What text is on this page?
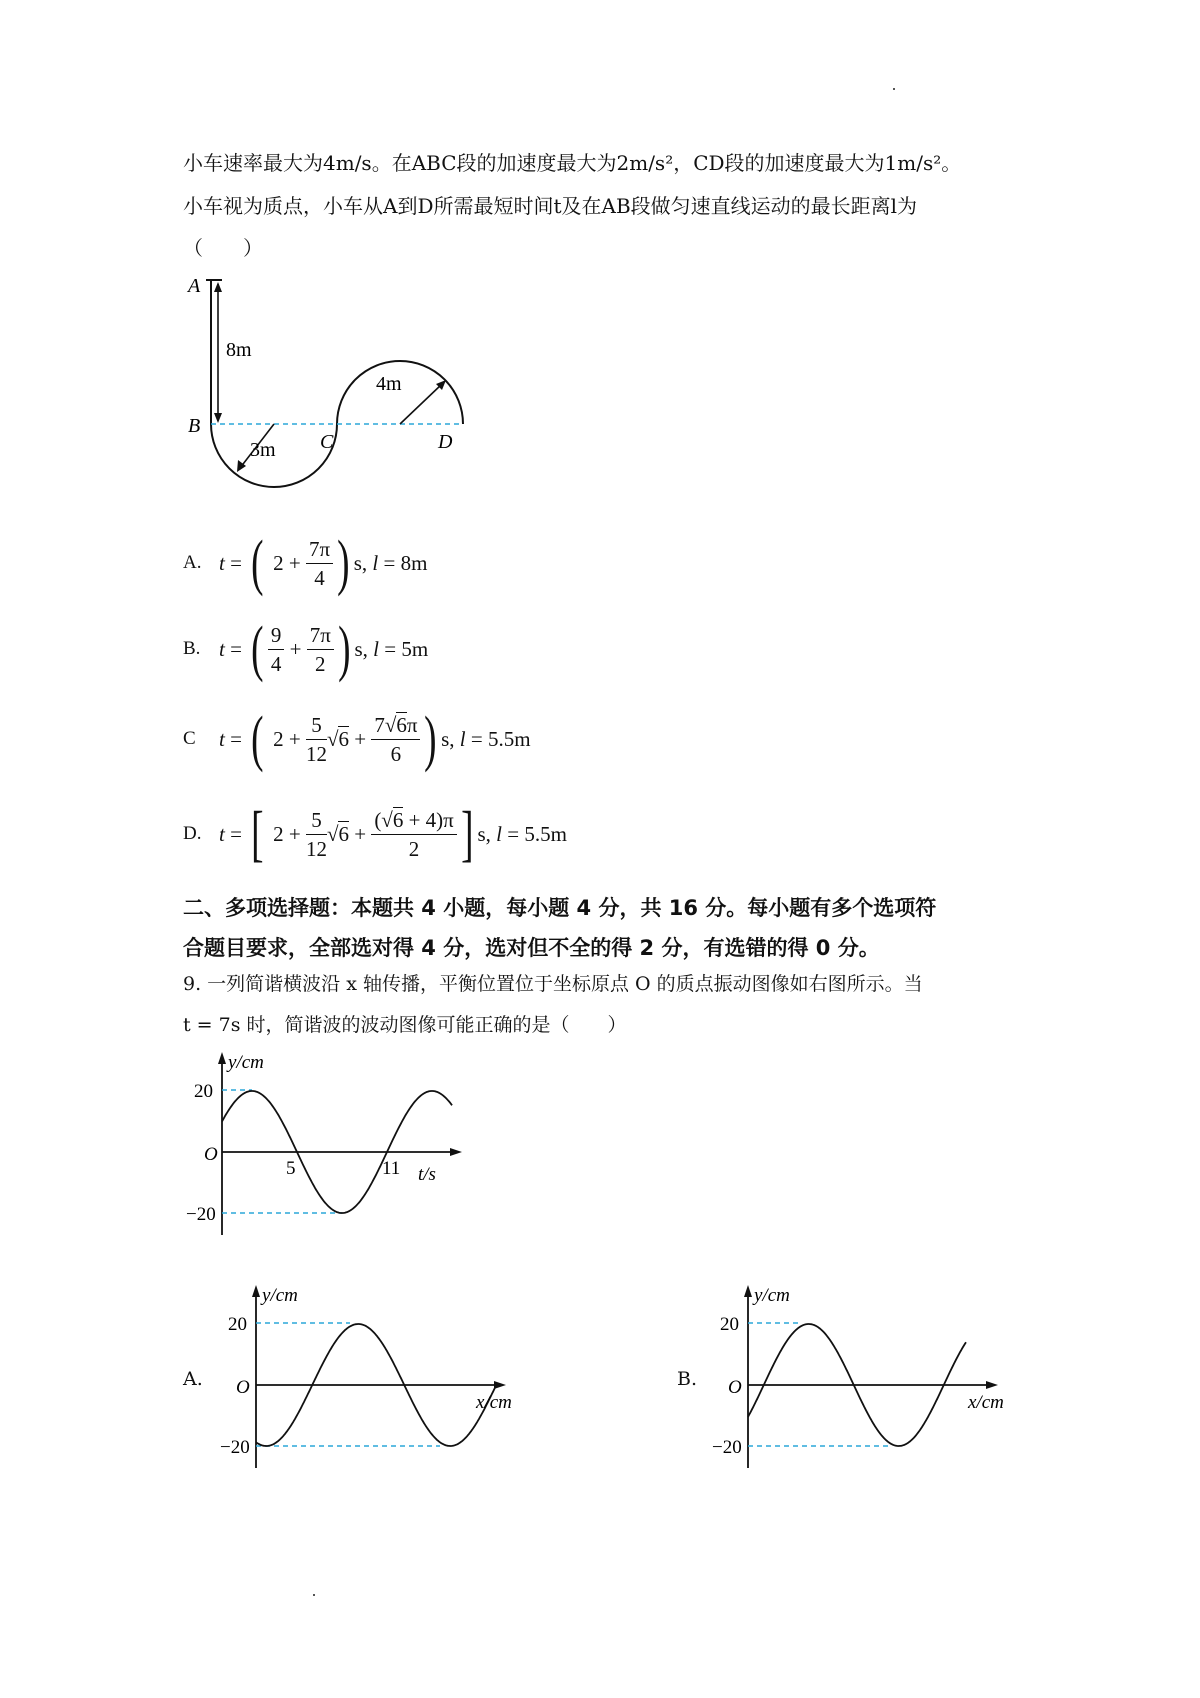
小车速率最大为4m/s。在ABC段的加速度最大为2m/s²，CD段的加速度最大为1m/s²。
小车视为质点，小车从A到D所需最短时间t及在AB段做匀速直线运动的最长距离l为
（　　）
A
B
C	D
8m
3m
4m
A. t = ( $2 + \frac{7\pi}{4}$ ) s, l = 8m
B. t = ( $\frac{9}{4} + \frac{7\pi}{2}$ ) s, l = 5m
C	t = ( $2 + \frac{5}{12}$ √ $6 + \frac{7√6\pi}{6}$ ) s, l = 5.5m
D. t = [ $2 + \frac{5}{12}$ √ $6 + \frac{(√6 + 4)\pi}{2}$ ] s, l = 5.5m
二、多项选择题：本题共 4 小题，每小题 4 分，共 16 分。每小题有多个选项符
合题目要求，全部选对得 4 分，选对但不全的得 2 分，有选错的得 0 分。
9. 一列简谐横波沿 x 轴传播，平衡位置位于坐标原点 O 的质点振动图像如右图所示。当
t = 7s 时，简谐波的波动图像可能正确的是（　　）
y/cm
t/s
O
20
−20
5	11
A.
y/cm
x/cm
O
20
−20
B.
y/cm
x/cm
O
20
−20
